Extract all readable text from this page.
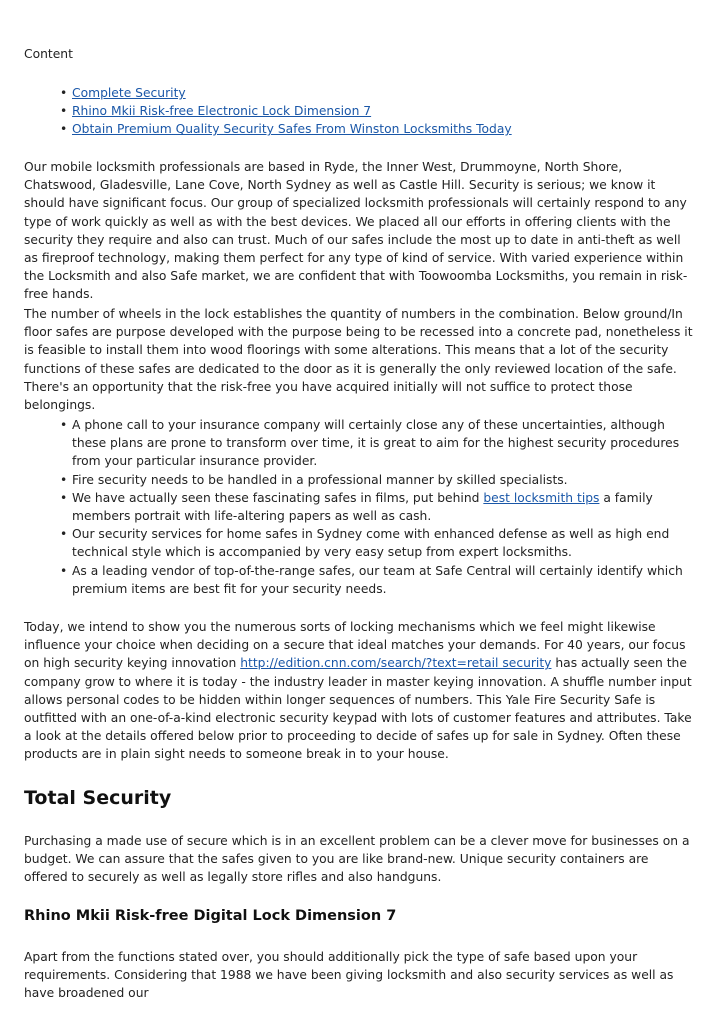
Content

• Complete Security
• Rhino Mkii Risk-free Electronic Lock Dimension 7
• Obtain Premium Quality Security Safes From Winston Locksmiths Today

Our mobile locksmith professionals are based in Ryde, the Inner West, Drummoyne, North Shore, Chatswood, Gladesville, Lane Cove, North Sydney as well as Castle Hill. Security is serious; we know it should have significant focus. Our group of specialized locksmith professionals will certainly respond to any type of work quickly as well as with the best devices. We placed all our efforts in offering clients with the security they require and also can trust. Much of our safes include the most up to date in anti-theft as well as fireproof technology, making them perfect for any type of kind of service. With varied experience within the Locksmith and also Safe market, we are confident that with Toowoomba Locksmiths, you remain in risk-free hands.

The number of wheels in the lock establishes the quantity of numbers in the combination. Below ground/In floor safes are purpose developed with the purpose being to be recessed into a concrete pad, nonetheless it is feasible to install them into wood floorings with some alterations. This means that a lot of the security functions of these safes are dedicated to the door as it is generally the only reviewed location of the safe. There's an opportunity that the risk-free you have acquired initially will not suffice to protect those belongings.

• A phone call to your insurance company will certainly close any of these uncertainties, although these plans are prone to transform over time, it is great to aim for the highest security procedures from your particular insurance provider.
• Fire security needs to be handled in a professional manner by skilled specialists.
• We have actually seen these fascinating safes in films, put behind best locksmith tips a family members portrait with life-altering papers as well as cash.
• Our security services for home safes in Sydney come with enhanced defense as well as high end technical style which is accompanied by very easy setup from expert locksmiths.
• As a leading vendor of top-of-the-range safes, our team at Safe Central will certainly identify which premium items are best fit for your security needs.

Today, we intend to show you the numerous sorts of locking mechanisms which we feel might likewise influence your choice when deciding on a secure that ideal matches your demands. For 40 years, our focus on high security keying innovation http://edition.cnn.com/search/?text=retail security has actually seen the company grow to where it is today - the industry leader in master keying innovation. A shuffle number input allows personal codes to be hidden within longer sequences of numbers. This Yale Fire Security Safe is outfitted with an one-of-a-kind electronic security keypad with lots of customer features and attributes. Take a look at the details offered below prior to proceeding to decide of safes up for sale in Sydney. Often these products are in plain sight needs to someone break in to your house.

Total Security

Purchasing a made use of secure which is in an excellent problem can be a clever move for businesses on a budget. We can assure that the safes given to you are like brand-new. Unique security containers are offered to securely as well as legally store rifles and also handguns.

Rhino Mkii Risk-free Digital Lock Dimension 7

Apart from the functions stated over, you should additionally pick the type of safe based upon your requirements. Considering that 1988 we have been giving locksmith and also security services as well as have broadened our
